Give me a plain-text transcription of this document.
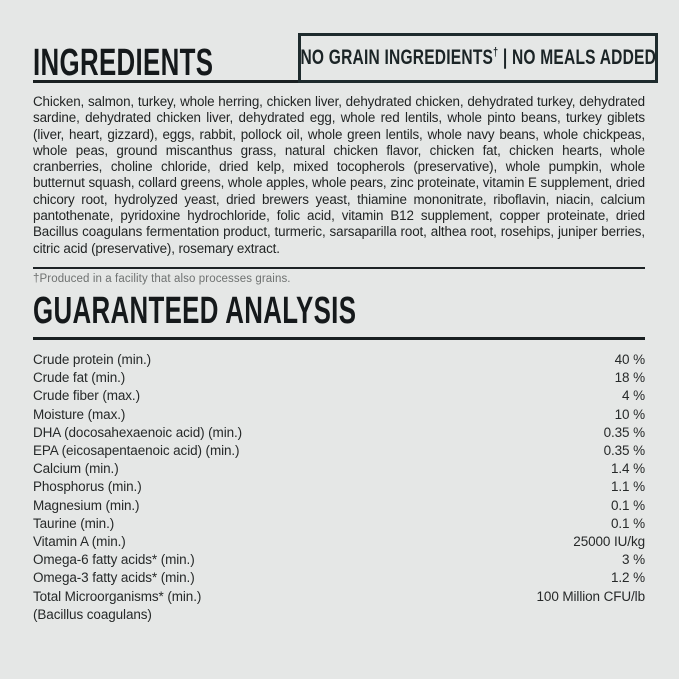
INGREDIENTS	NO GRAIN INGREDIENTS† | NO MEALS ADDED
Chicken, salmon, turkey, whole herring, chicken liver, dehydrated chicken, dehydrated turkey, dehydrated sardine, dehydrated chicken liver, dehydrated egg, whole red lentils, whole pinto beans, turkey giblets (liver, heart, gizzard), eggs, rabbit, pollock oil, whole green lentils, whole navy beans, whole chickpeas, whole peas, ground miscanthus grass, natural chicken flavor, chicken fat, chicken hearts, whole cranberries, choline chloride, dried kelp, mixed tocopherols (preservative), whole pumpkin, whole butternut squash, collard greens, whole apples, whole pears, zinc proteinate, vitamin E supplement, dried chicory root, hydrolyzed yeast, dried brewers yeast, thiamine mononitrate, riboflavin, niacin, calcium pantothenate, pyridoxine hydrochloride, folic acid, vitamin B12 supplement, copper proteinate, dried Bacillus coagulans fermentation product, turmeric, sarsaparilla root, althea root, rosehips, juniper berries, citric acid (preservative), rosemary extract.
†Produced in a facility that also processes grains.
GUARANTEED ANALYSIS
Crude protein (min.)	40 %
Crude fat (min.)	18 %
Crude fiber (max.)	4 %
Moisture (max.)	10 %
DHA (docosahexaenoic acid) (min.)	0.35 %
EPA (eicosapentaenoic acid) (min.)	0.35 %
Calcium (min.)	1.4 %
Phosphorus (min.)	1.1 %
Magnesium (min.)	0.1 %
Taurine (min.)	0.1 %
Vitamin A (min.)	25000 IU/kg
Omega-6 fatty acids* (min.)	3 %
Omega-3 fatty acids* (min.)	1.2 %
Total Microorganisms* (min.)	100 Million CFU/lb
(Bacillus coagulans)
